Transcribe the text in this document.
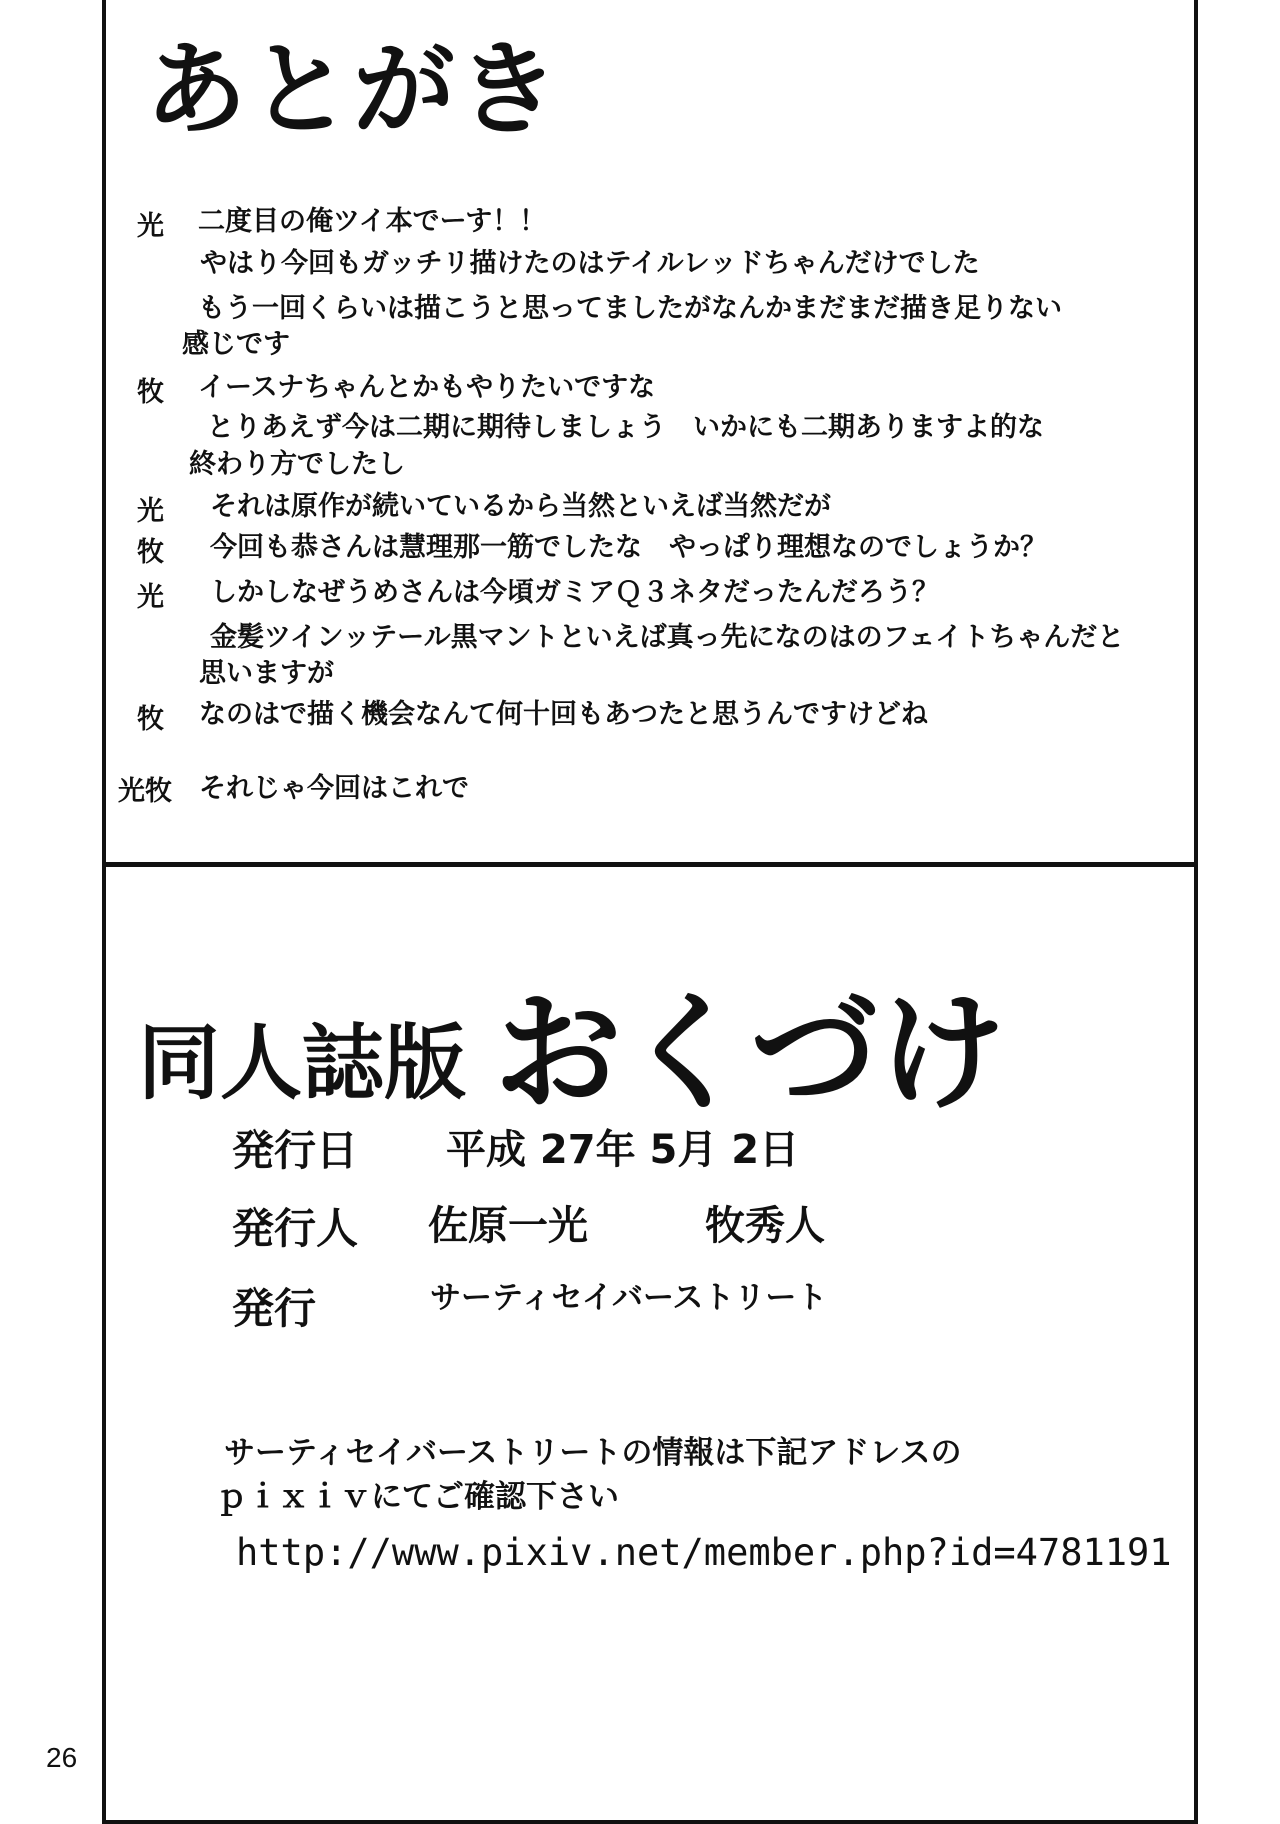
あとがき
光 二度目の俺ツイ本でーす！！
やはり今回もガッチリ描けたのはテイルレッドちゃんだけでした
もう一回くらいは描こうと思ってましたがなんかまだまだ描き足りない
感じです
牧 イースナちゃんとかもやりたいですな
とりあえず今は二期に期待しましょう　いかにも二期ありますよ的な
終わり方でしたし
光 それは原作が続いているから当然といえば当然だが
牧 今回も恭さんは慧理那一筋でしたな　やっぱり理想なのでしょうか？
光 しかしなぜうめさんは今頃ガミアＱ３ネタだったんだろう？
金髪ツインッテール黒マントといえば真っ先になのはのフェイトちゃんだと
思いますが
牧 なのはで描く機会なんて何十回もあつたと思うんですけどね
光牧 それじゃ今回はこれで
同人誌版 おくづけ
発行日 平成 27年 5月 2日
発行人 佐原一光	牧秀人
発行	サーティセイバーストリート
サーティセイバーストリートの情報は下記アドレスの
ｐｉｘｉｖにてご確認下さい
http://www.pixiv.net/member.php?id=4781191
26
